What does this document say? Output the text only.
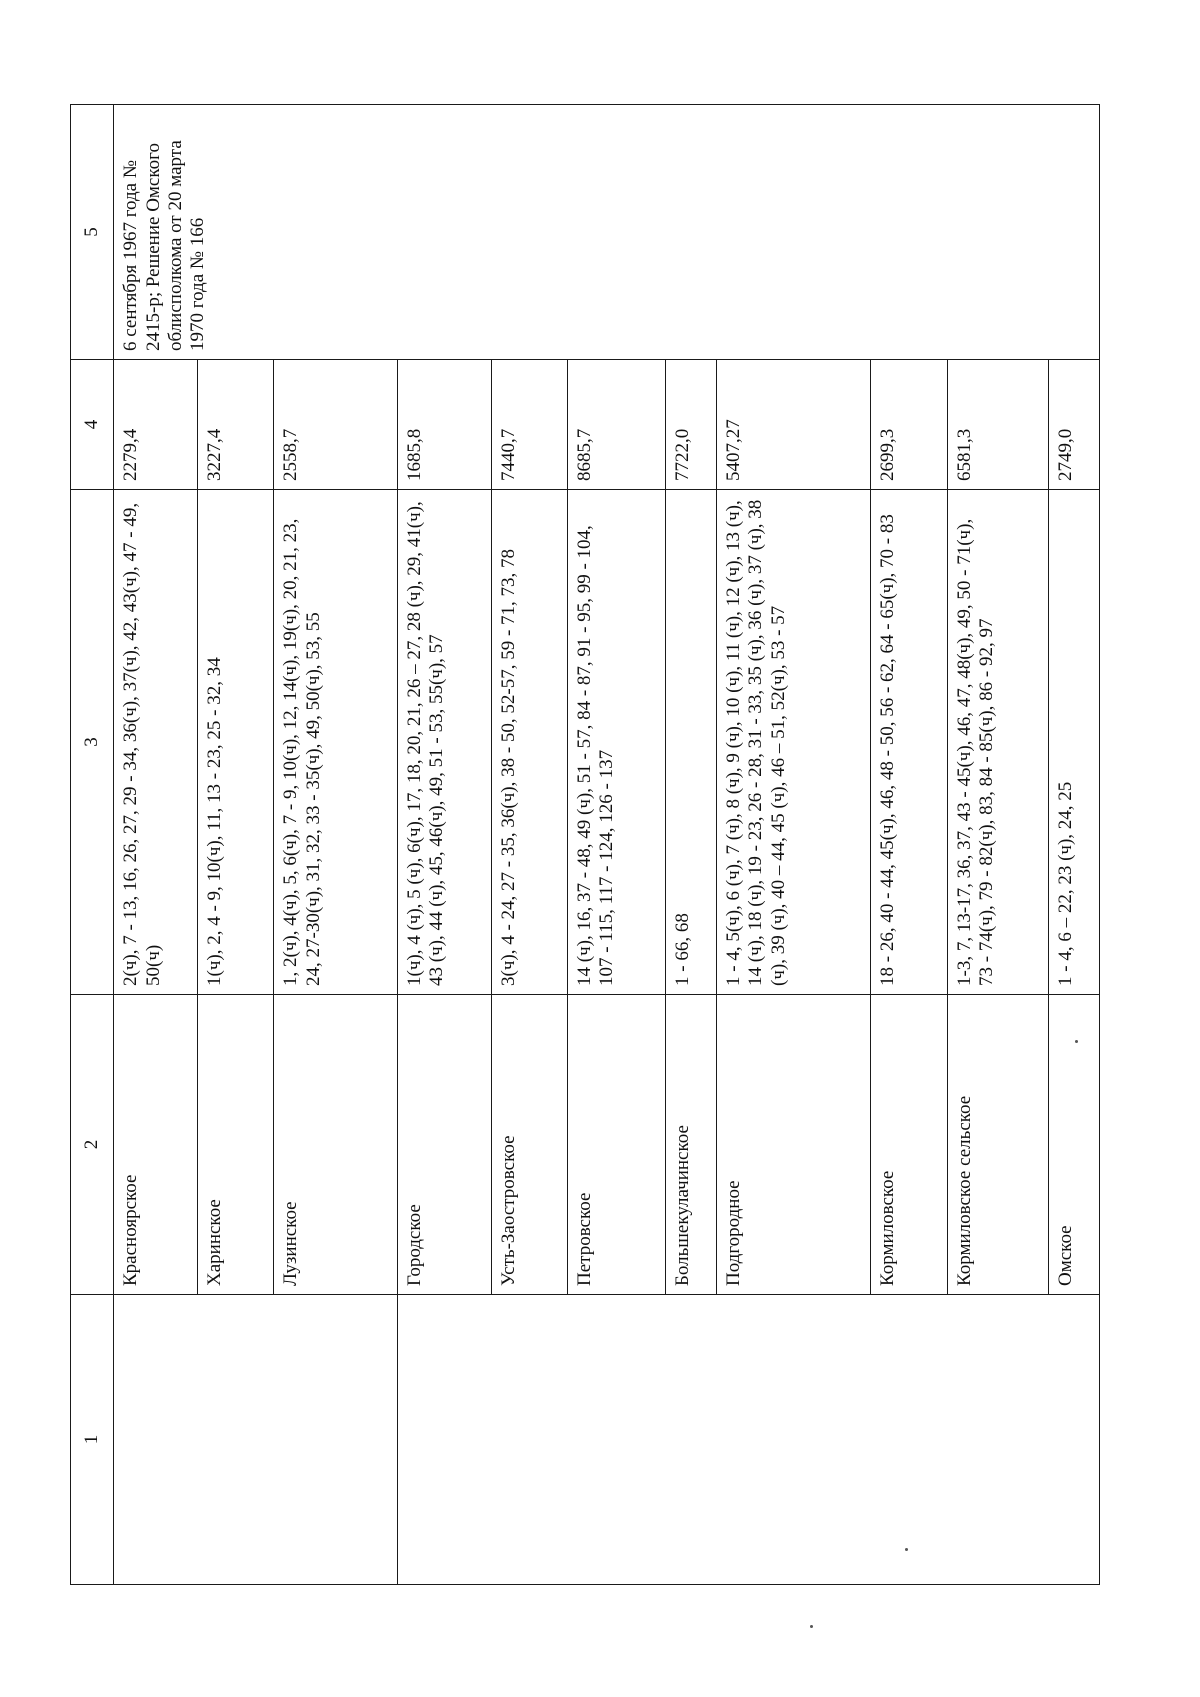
1	2	3	4	5
	Красноярское	2(ч), 7 - 13, 16, 26, 27, 29 - 34, 36(ч), 37(ч), 42, 43(ч), 47 - 49, 50(ч)	2279,4	6 сентября 1967 года № 2415-р; Решение Омского облисполкома от 20 марта 1970 года № 166
	Харинское	1(ч), 2, 4 - 9, 10(ч), 11, 13 - 23, 25 - 32, 34	3227,4	
	Лузинское	1, 2(ч), 4(ч), 5, 6(ч), 7 - 9, 10(ч), 12, 14(ч), 19(ч), 20, 21, 23, 24, 27-30(ч), 31, 32, 33 - 35(ч), 49, 50(ч), 53, 55	2558,7	
	Городское	1(ч), 4 (ч), 5 (ч), 6(ч), 17, 18, 20, 21, 26 – 27, 28 (ч), 29, 41(ч), 43 (ч), 44 (ч), 45, 46(ч), 49, 51 - 53, 55(ч), 57	1685,8	
	Усть-Заостровское	3(ч), 4 - 24, 27 - 35, 36(ч), 38 - 50, 52-57, 59 - 71, 73, 78	7440,7	
	Петровское	14 (ч), 16, 37 - 48, 49 (ч), 51 - 57, 84 - 87, 91 - 95, 99 - 104, 107 - 115, 117 - 124, 126 - 137	8685,7	
	Большекулачинское	1 - 66, 68	7722,0	
	Подгородное	1 - 4, 5(ч), 6 (ч), 7 (ч), 8 (ч), 9 (ч), 10 (ч), 11 (ч), 12 (ч), 13 (ч), 14 (ч), 18 (ч), 19 - 23, 26 - 28, 31 - 33, 35 (ч), 36 (ч), 37 (ч), 38 (ч), 39 (ч), 40 – 44, 45 (ч), 46 – 51, 52(ч), 53 - 57	5407,27	
	Кормиловское	18 - 26, 40 - 44, 45(ч), 46, 48 - 50, 56 - 62, 64 - 65(ч), 70 - 83	2699,3	
	Кормиловское сельское	1-3, 7, 13-17, 36, 37, 43 - 45(ч), 46, 47, 48(ч), 49, 50 - 71(ч), 73 - 74(ч), 79 - 82(ч), 83, 84 - 85(ч), 86 - 92, 97	6581,3	
	Омское	1 - 4, 6 – 22, 23 (ч), 24, 25	2749,0	
